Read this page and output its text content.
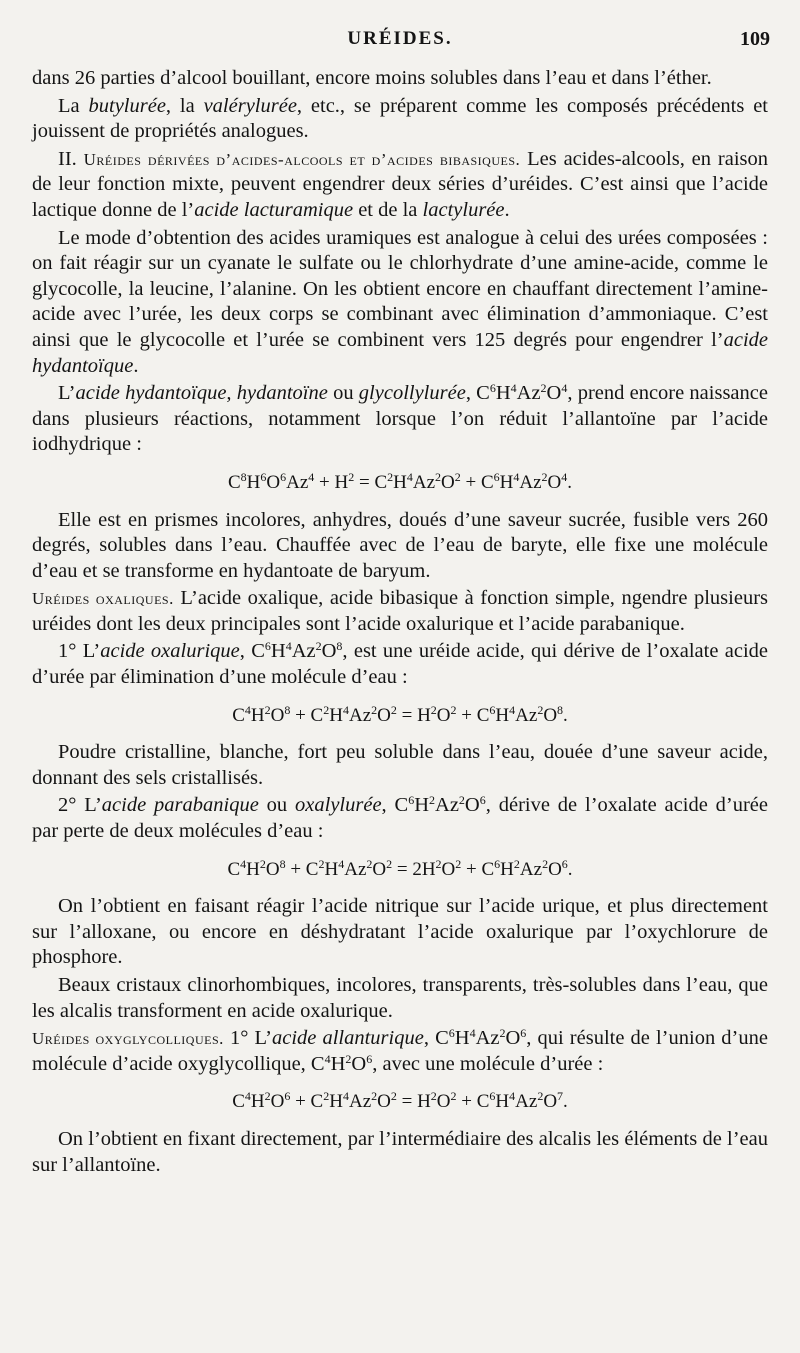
URÉIDES.	109

dans 26 parties d’alcool bouillant, encore moins solubles dans l’eau et dans l’éther.

La butylurée, la valérylurée, etc., se préparent comme les composés précédents et jouissent de propriétés analogues.

II. Uréides dérivées d’acides-alcools et d’acides bibasiques. Les acides-alcools, en raison de leur fonction mixte, peuvent engendrer deux séries d’uréides. C’est ainsi que l’acide lactique donne de l’acide lacturamique et de la lactylurée.

Le mode d’obtention des acides uramiques est analogue à celui des urées composées : on fait réagir sur un cyanate le sulfate ou le chlorhydrate d’une amine-acide, comme le glycocolle, la leucine, l’alanine. On les obtient encore en chauffant directement l’amine-acide avec l’urée, les deux corps se combinant avec élimination d’ammoniaque. C’est ainsi que le glycocolle et l’urée se combinent vers 125 degrés pour engendrer l’acide hydantoïque.

L’acide hydantoïque, hydantoïne ou glycollylurée, $C^6H^4Az^2O^4$, prend encore naissance dans plusieurs réactions, notamment lorsque l’on réduit l’allantoïne par l’acide iodhydrique :

$C^8H^6O^6Az^4 + H^2 = C^2H^4Az^2O^2 + C^6H^4Az^2O^4$.

Elle est en prismes incolores, anhydres, doués d’une saveur sucrée, fusible vers 260 degrés, solubles dans l’eau. Chauffée avec de l’eau de baryte, elle fixe une molécule d’eau et se transforme en hydantoate de baryum.

Uréides oxaliques. L’acide oxalique, acide bibasique à fonction simple, ngendre plusieurs uréides dont les deux principales sont l’acide oxalurique et l’acide parabanique.

1° L’acide oxalurique, $C^6H^4Az^2O^8$, est une uréide acide, qui dérive de l’oxalate acide d’urée par élimination d’une molécule d’eau :

$C^4H^2O^8 + C^2H^4Az^2O^2 = H^2O^2 + C^6H^4Az^2O^8$.

Poudre cristalline, blanche, fort peu soluble dans l’eau, douée d’une saveur acide, donnant des sels cristallisés.

2° L’acide parabanique ou oxalylurée, $C^6H^2Az^2O^6$, dérive de l’oxalate acide d’urée par perte de deux molécules d’eau :

$C^4H^2O^8 + C^2H^4Az^2O^2 = 2H^2O^2 + C^6H^2Az^2O^6$.

On l’obtient en faisant réagir l’acide nitrique sur l’acide urique, et plus directement sur l’alloxane, ou encore en déshydratant l’acide oxalurique par l’oxychlorure de phosphore.

Beaux cristaux clinorhombiques, incolores, transparents, très-solubles dans l’eau, que les alcalis transforment en acide oxalurique.

Uréides oxyglycolliques. 1° L’acide allanturique, $C^6H^4Az^2O^6$, qui résulte de l’union d’une molécule d’acide oxyglycollique, $C^4H^2O^6$, avec une molécule d’urée :

$C^4H^2O^6 + C^2H^4Az^2O^2 = H^2O^2 + C^6H^4Az^2O^7$.

On l’obtient en fixant directement, par l’intermédiaire des alcalis les éléments de l’eau sur l’allantoïne.
